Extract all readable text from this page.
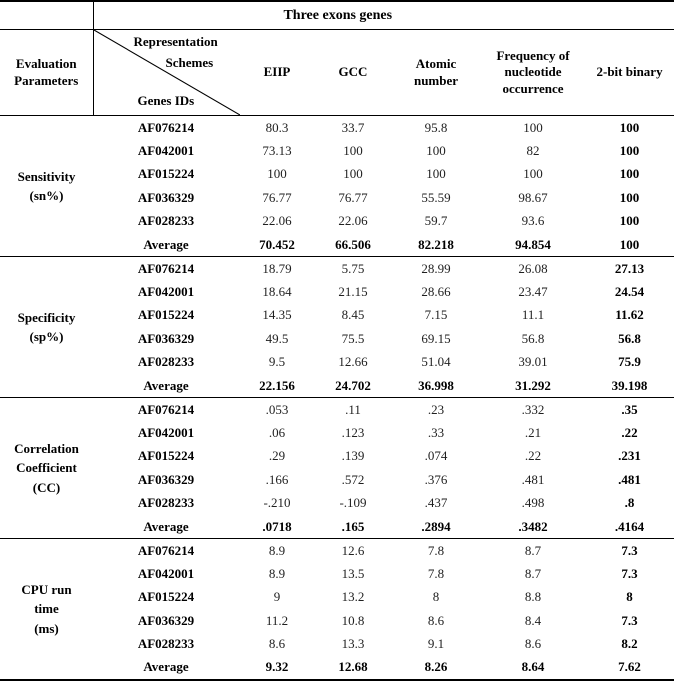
	Three exons genes					
Evaluation Parameters	Representation
Schemes
Genes IDs	EIIP	GCC	Atomic number	Frequency of nucleotide occurrence	2-bit binary

Sensitivity
(sn%)	AF076214	80.3	33.7	95.8	100	100
	AF042001	73.13	100	100	82	100
	AF015224	100	100	100	100	100
	AF036329	76.77	76.77	55.59	98.67	100
	AF028233	22.06	22.06	59.7	93.6	100
	Average	70.452	66.506	82.218	94.854	100

Specificity
(sp%)	AF076214	18.79	5.75	28.99	26.08	27.13
	AF042001	18.64	21.15	28.66	23.47	24.54
	AF015224	14.35	8.45	7.15	11.1	11.62
	AF036329	49.5	75.5	69.15	56.8	56.8
	AF028233	9.5	12.66	51.04	39.01	75.9
	Average	22.156	24.702	36.998	31.292	39.198

Correlation
Coefficient
(CC)	AF076214	.053	.11	.23	.332	.35
	AF042001	.06	.123	.33	.21	.22
	AF015224	.29	.139	.074	.22	.231
	AF036329	.166	.572	.376	.481	.481
	AF028233	-.210	-.109	.437	.498	.8
	Average	.0718	.165	.2894	.3482	.4164

CPU run
time
(ms)	AF076214	8.9	12.6	7.8	8.7	7.3
	AF042001	8.9	13.5	7.8	8.7	7.3
	AF015224	9	13.2	8	8.8	8
	AF036329	11.2	10.8	8.6	8.4	7.3
	AF028233	8.6	13.3	9.1	8.6	8.2
	Average	9.32	12.68	8.26	8.64	7.62
